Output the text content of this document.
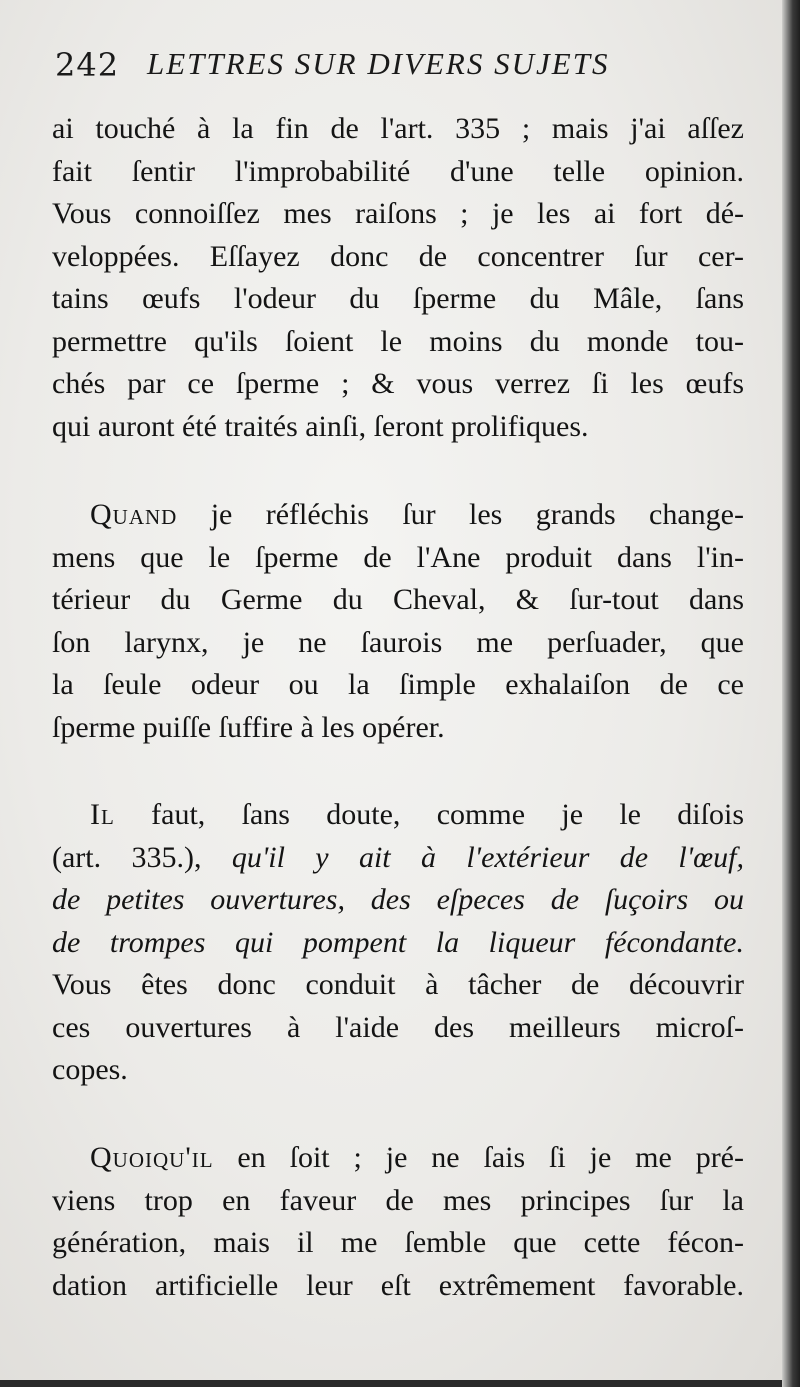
242 LETTRES SUR DIVERS SUJETS
ai touché à la fin de l'art. 335 ; mais j'ai aſſez
fait ſentir l'improbabilité d'une telle opinion.
Vous connoiſſez mes raiſons ; je les ai fort dé-
veloppées. Eſſayez donc de concentrer ſur cer-
tains œufs l'odeur du ſperme du Mâle, ſans
permettre qu'ils ſoient le moins du monde tou-
chés par ce ſperme ; & vous verrez ſi les œufs
qui auront été traités ainſi, ſeront prolifiques.
Quand je réfléchis ſur les grands change-
mens que le ſperme de l'Ane produit dans l'in-
térieur du Germe du Cheval, & ſur-tout dans
ſon larynx, je ne ſaurois me perſuader, que
la ſeule odeur ou la ſimple exhalaiſon de ce
ſperme puiſſe ſuffire à les opérer.
Il faut, ſans doute, comme je le diſois
(art. 335.), qu'il y ait à l'extérieur de l'œuf,
de petites ouvertures, des eſpeces de ſuçoirs ou
de trompes qui pompent la liqueur fécondante.
Vous êtes donc conduit à tâcher de découvrir
ces ouvertures à l'aide des meilleurs microſ-
copes.
Quoiqu'il en ſoit ; je ne ſais ſi je me pré-
viens trop en faveur de mes principes ſur la
génération, mais il me ſemble que cette fécon-
dation artificielle leur eſt extrêmement favorable.
